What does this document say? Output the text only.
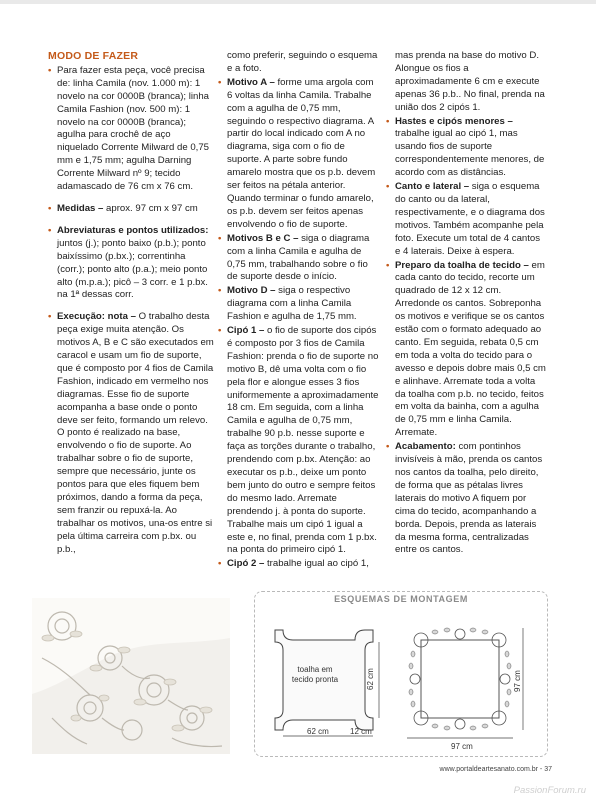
MODO DE FAZER
• Para fazer esta peça, você precisa de: linha Camila (nov. 1.000 m): 1 novelo na cor 0000B (branca); linha Camila Fashion (nov. 500 m): 1 novelo na cor 0000B (branca); agulha para crochê de aço niquelado Corrente Milward de 0,75 mm e 1,75 mm; agulha Darning Corrente Milward nº 9; tecido adamascado de 76 cm x 76 cm.
• Medidas – aprox. 97 cm x 97 cm
• Abreviaturas e pontos utilizados: juntos (j.); ponto baixo (p.b.); ponto baixíssimo (p.bx.); correntinha (corr.); ponto alto (p.a.); meio ponto alto (m.p.a.); picô – 3 corr. e 1 p.bx. na 1ª dessas corr.
• Execução: nota – O trabalho desta peça exige muita atenção. Os motivos A, B e C são executados em caracol e usam um fio de suporte, que é composto por 4 fios de Camila Fashion, indicado em vermelho nos diagramas. Esse fio de suporte acompanha a base onde o ponto deve ser feito, formando um relevo. O ponto é realizado na base, envolvendo o fio de suporte. Ao trabalhar sobre o fio de suporte, sempre que necessário, junte os pontos para que eles fiquem bem próximos, dando a forma da peça, sem franzir ou repuxá-la. Ao trabalhar os motivos, una-os entre si pela última carreira com p.bx. ou p.b.,
como preferir, seguindo o esquema e a foto.
• Motivo A – forme uma argola com 6 voltas da linha Camila. Trabalhe com a agulha de 0,75 mm, seguindo o respectivo diagrama. A partir do local indicado com A no diagrama, siga com o fio de suporte. A parte sobre fundo amarelo mostra que os p.b. devem ser feitos na pétala anterior. Quando terminar o fundo amarelo, os p.b. devem ser feitos apenas envolvendo o fio de suporte.
• Motivos B e C – siga o diagrama com a linha Camila e agulha de 0,75 mm, trabalhando sobre o fio de suporte desde o início.
• Motivo D – siga o respectivo diagrama com a linha Camila Fashion e agulha de 1,75 mm.
• Cipó 1 – o fio de suporte dos cipós é composto por 3 fios de Camila Fashion: prenda o fio de suporte no motivo B, dê uma volta com o fio pela flor e alongue esses 3 fios uniformemente a aproximadamente 18 cm. Em seguida, com a linha Camila e agulha de 0,75 mm, trabalhe 90 p.b. nesse suporte e faça as torções durante o trabalho, prendendo com p.bx. Atenção: ao executar os p.b., deixe um ponto bem junto do outro e sempre feitos do mesmo lado. Arremate prendendo j. à ponta do suporte. Trabalhe mais um cipó 1 igual a este e, no final, prenda com 1 p.bx. na ponta do primeiro cipó 1.
• Cipó 2 – trabalhe igual ao cipó 1,
mas prenda na base do motivo D. Alongue os fios a aproximadamente 6 cm e execute apenas 36 p.b.. No final, prenda na união dos 2 cipós 1.
• Hastes e cipós menores – trabalhe igual ao cipó 1, mas usando fios de suporte correspondentemente menores, de acordo com as distâncias.
• Canto e lateral – siga o esquema do canto ou da lateral, respectivamente, e o diagrama dos motivos. Também acompanhe pela foto. Execute um total de 4 cantos e 4 laterais. Deixe à espera.
• Preparo da toalha de tecido – em cada canto do tecido, recorte um quadrado de 12 x 12 cm. Arredonde os cantos. Sobreponha os motivos e verifique se os cantos estão com o formato adequado ao canto. Em seguida, rebata 0,5 cm em toda a volta do tecido para o avesso e depois dobre mais 0,5 cm e alinhave. Arremate toda a volta da toalha com p.b. no tecido, feitos em volta da bainha, com a agulha de 0,75 mm e linha Camila. Arremate.
• Acabamento: com pontinhos invisíveis à mão, prenda os cantos nos cantos da toalha, pelo direito, de forma que as pétalas livres laterais do motivo A fiquem por cima do tecido, acompanhando a borda. Depois, prenda as laterais da mesma forma, centralizadas entre os cantos.
ESQUEMAS DE MONTAGEM
toalha em
tecido pronta	62 cm
62 cm	12 cm
97 cm
97 cm
www.portaldeartesanato.com.br - 37
PassionForum.ru
